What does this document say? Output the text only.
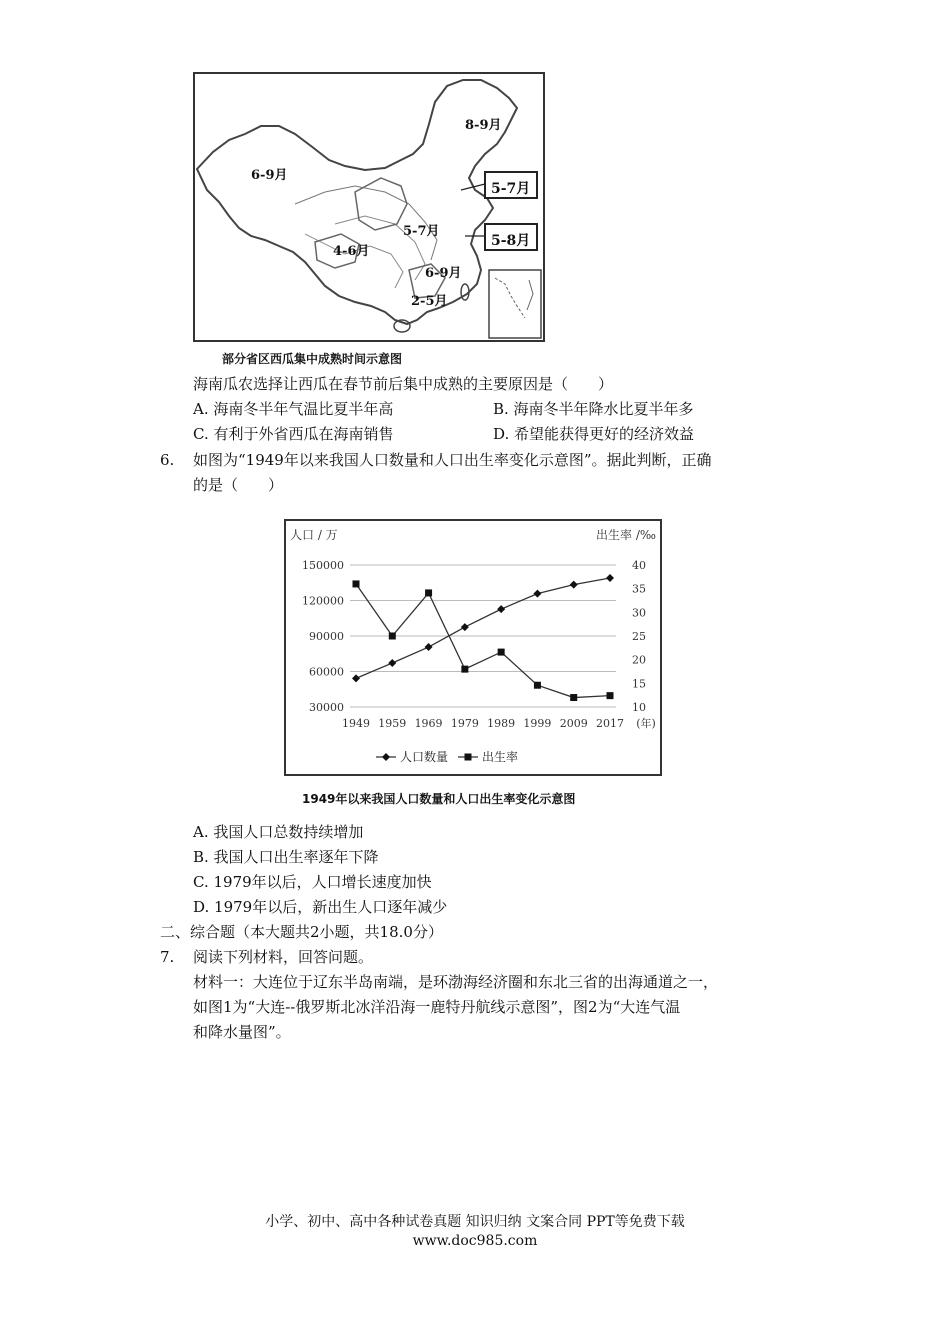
8-9月
6-9月
5-7月
5-7月
5-8月
4-6月
6-9月
2-5月
部分省区西瓜集中成熟时间示意图
海南瓜农选择让西瓜在春节前后集中成熟的主要原因是（　　）
A. 海南冬半年气温比夏半年高	B. 海南冬半年降水比夏半年多
C. 有利于外省西瓜在海南销售	D. 希望能获得更好的经济效益
6. 如图为“1949年以来我国人口数量和人口出生率变化示意图”。据此判断，正确
的是（　　）
人口 / 万	出生率 /‰
150000
120000
90000
60000
30000
40
35
30
25
20
15
10
1949 1959 1969 1979 1989 1999 2009 2017 (年)
人口数量	出生率
1949年以来我国人口数量和人口出生率变化示意图
A. 我国人口总数持续增加
B. 我国人口出生率逐年下降
C. 1979年以后，人口增长速度加快
D. 1979年以后，新出生人口逐年减少
二、综合题（本大题共2小题，共18.0分）
7. 阅读下列材料，回答问题。
材料一：大连位于辽东半岛南端，是环渤海经济圈和东北三省的出海通道之一，
如图1为“大连--俄罗斯北冰洋沿海一鹿特丹航线示意图”，图2为“大连气温
和降水量图”。
小学、初中、高中各种试卷真题 知识归纳 文案合同 PPT等免费下载
www.doc985.com
